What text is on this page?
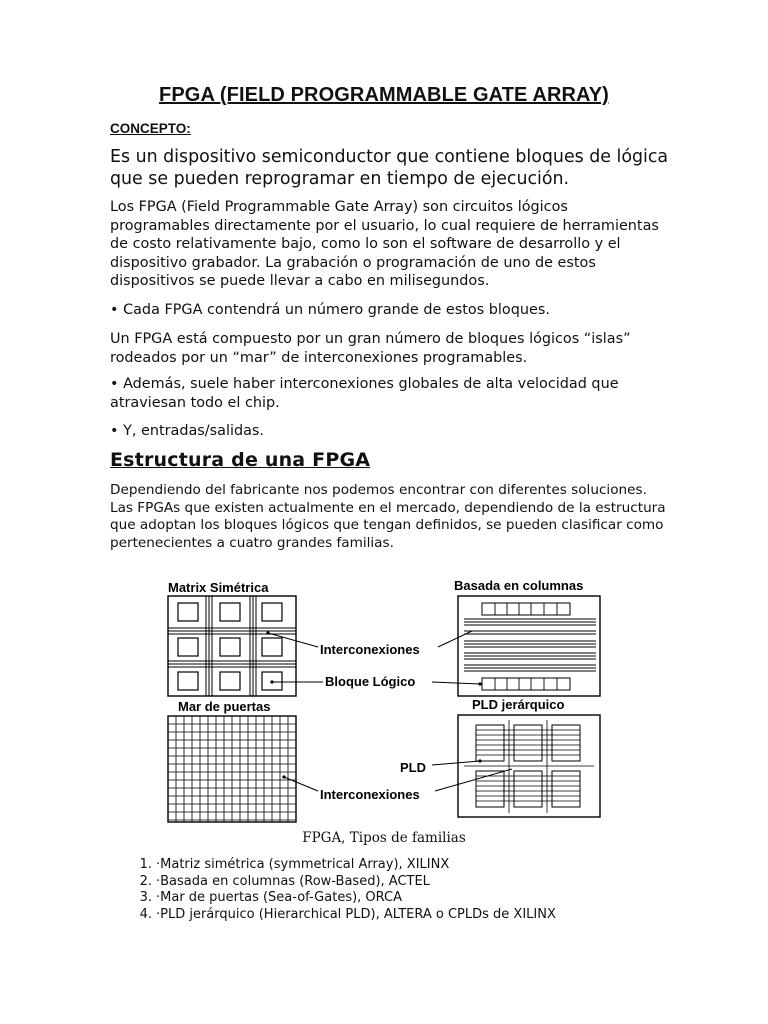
FPGA (FIELD PROGRAMMABLE GATE ARRAY)
CONCEPTO:
Es un dispositivo semiconductor que contiene bloques de lógica que se pueden reprogramar en tiempo de ejecución.
Los FPGA (Field Programmable Gate Array) son circuitos lógicos programables directamente por el usuario, lo cual requiere de herramientas de costo relativamente bajo, como lo son el software de desarrollo y el dispositivo grabador. La grabación o programación de uno de estos dispositivos se puede llevar a cabo en milisegundos.
• Cada FPGA contendrá un número grande de estos bloques.
Un FPGA está compuesto por un gran número de bloques lógicos “islas” rodeados por un “mar” de interconexiones programables.
• Además, suele haber interconexiones globales de alta velocidad que atraviesan todo el chip.
• Y, entradas/salidas.
Estructura de una FPGA
Dependiendo del fabricante nos podemos encontrar con diferentes soluciones. Las FPGAs que existen actualmente en el mercado, dependiendo de la estructura que adoptan los bloques lógicos que tengan definidos, se pueden clasificar como pertenecientes a cuatro grandes familias.
Matrix Simétrica	Basada en columnas
Interconexiones
Bloque Lógico
Mar de puertas	PLD jerárquico
PLD
Interconexiones
FPGA, Tipos de familias
1. ·Matriz simétrica (symmetrical Array), XILINX
2. ·Basada en columnas (Row-Based), ACTEL
3. ·Mar de puertas (Sea-of-Gates), ORCA
4. ·PLD jerárquico (Hierarchical PLD), ALTERA o CPLDs de XILINX
